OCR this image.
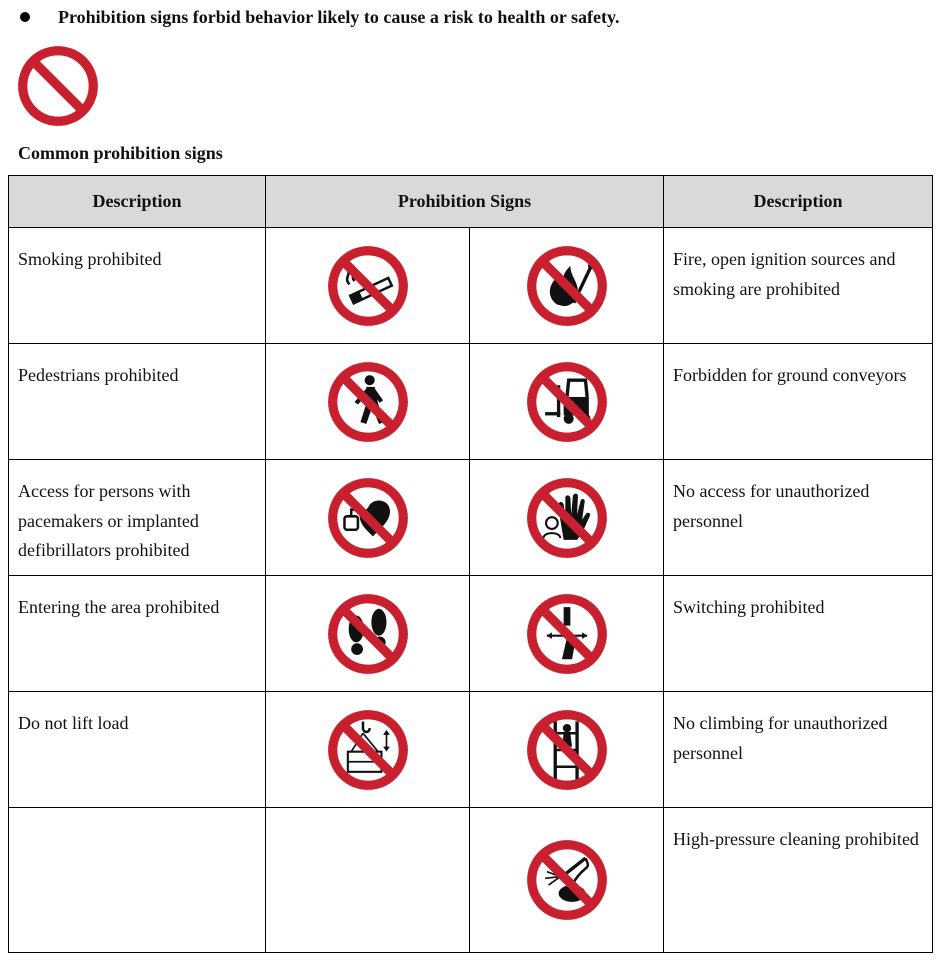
Prohibition signs forbid behavior likely to cause a risk to health or safety.
Common prohibition signs
Description	Prohibition Signs		Description
Smoking prohibited			Fire, open ignition sources and smoking are prohibited
Pedestrians prohibited			Forbidden for ground conveyors
Access for persons with pacemakers or implanted defibrillators prohibited			No access for unauthorized personnel
Entering the area prohibited			Switching prohibited
Do not lift load			No climbing for unauthorized personnel
			High-pressure cleaning prohibited
